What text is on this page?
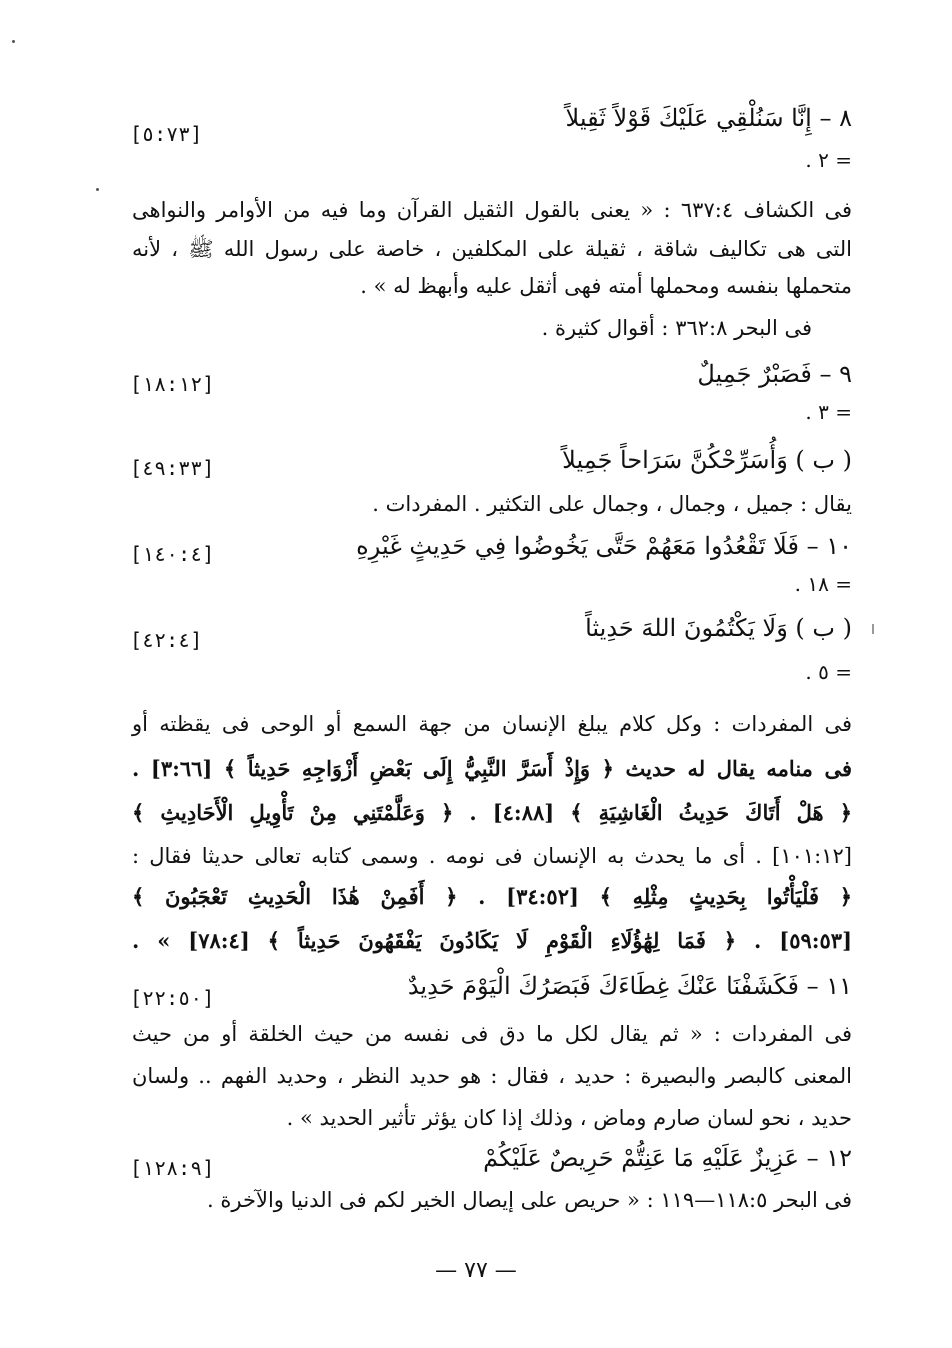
٨ – إِنَّا سَنُلْقِي عَلَيْكَ قَوْلاً ثَقِيلاً
[٥:٧٣]
= ٢ .
فى الكشاف ٦٣٧:٤ : « يعنى بالقول الثقيل القرآن وما فيه من الأوامر والنواهى
التى هى تكاليف شاقة ، ثقيلة على المكلفين ، خاصة على رسول الله ﷺ ، لأنه
متحملها بنفسه ومحملها أمته فهى أثقل عليه وأبهظ له » .
فى البحر ٣٦٢:٨ : أقوال كثيرة .
٩ – فَصَبْرٌ جَمِيلٌ
[١٨:١٢]
= ٣ .
( ب ) وَأُسَرِّحْكُنَّ سَرَاحاً جَمِيلاً
[٤٩:٣٣]
يقال : جميل ، وجمال ، وجمال على التكثير . المفردات .
١٠ – فَلَا تَقْعُدُوا مَعَهُمْ حَتَّى يَخُوضُوا فِي حَدِيثٍ غَيْرِهِ
[١٤٠:٤]
= ١٨ .
( ب ) وَلَا يَكْتُمُونَ اللهَ حَدِيثاً
[٤٢:٤]
= ٥ .
فى المفردات : وكل كلام يبلغ الإنسان من جهة السمع أو الوحى فى يقظته أو
فى منامه يقال له حديث ﴿ وَإِذْ أَسَرَّ النَّبِيُّ إِلَى بَعْضِ أَزْوَاجِهِ حَدِيثاً ﴾ [٣:٦٦] .
﴿ هَلْ أَتَاكَ حَدِيثُ الْغَاشِيَةِ ﴾ [٤:٨٨] . ﴿ وَعَلَّمْتَنِي مِنْ تَأْوِيلِ الْأَحَادِيثِ ﴾
[١٠١:١٢] . أى ما يحدث به الإنسان فى نومه . وسمى كتابه تعالى حديثا فقال :
﴿ فَلْيَأْتُوا بِحَدِيثٍ مِثْلِهِ ﴾ [٣٤:٥٢] . ﴿ أَفَمِنْ هَٰذَا الْحَدِيثِ تَعْجَبُونَ ﴾
[٥٩:٥٣] . ﴿ فَمَا لِهَٰؤُلَاءِ الْقَوْمِ لَا يَكَادُونَ يَفْقَهُونَ حَدِيثاً ﴾ [٧٨:٤] » .
١١ – فَكَشَفْنَا عَنْكَ غِطَاءَكَ فَبَصَرُكَ الْيَوْمَ حَدِيدٌ
[٢٢:٥٠]
فى المفردات : « ثم يقال لكل ما دق فى نفسه من حيث الخلقة أو من حيث
المعنى كالبصر والبصيرة : حديد ، فقال : هو حديد النظر ، وحديد الفهم .. ولسان
حديد ، نحو لسان صارم وماض ، وذلك إذا كان يؤثر تأثير الحديد » .
١٢ – عَزِيزٌ عَلَيْهِ مَا عَنِتُّمْ حَرِيصٌ عَلَيْكُمْ
[١٢٨:٩]
فى البحر ١١٨:٥—١١٩ : « حريص على إيصال الخير لكم فى الدنيا والآخرة .
— ٧٧ —
